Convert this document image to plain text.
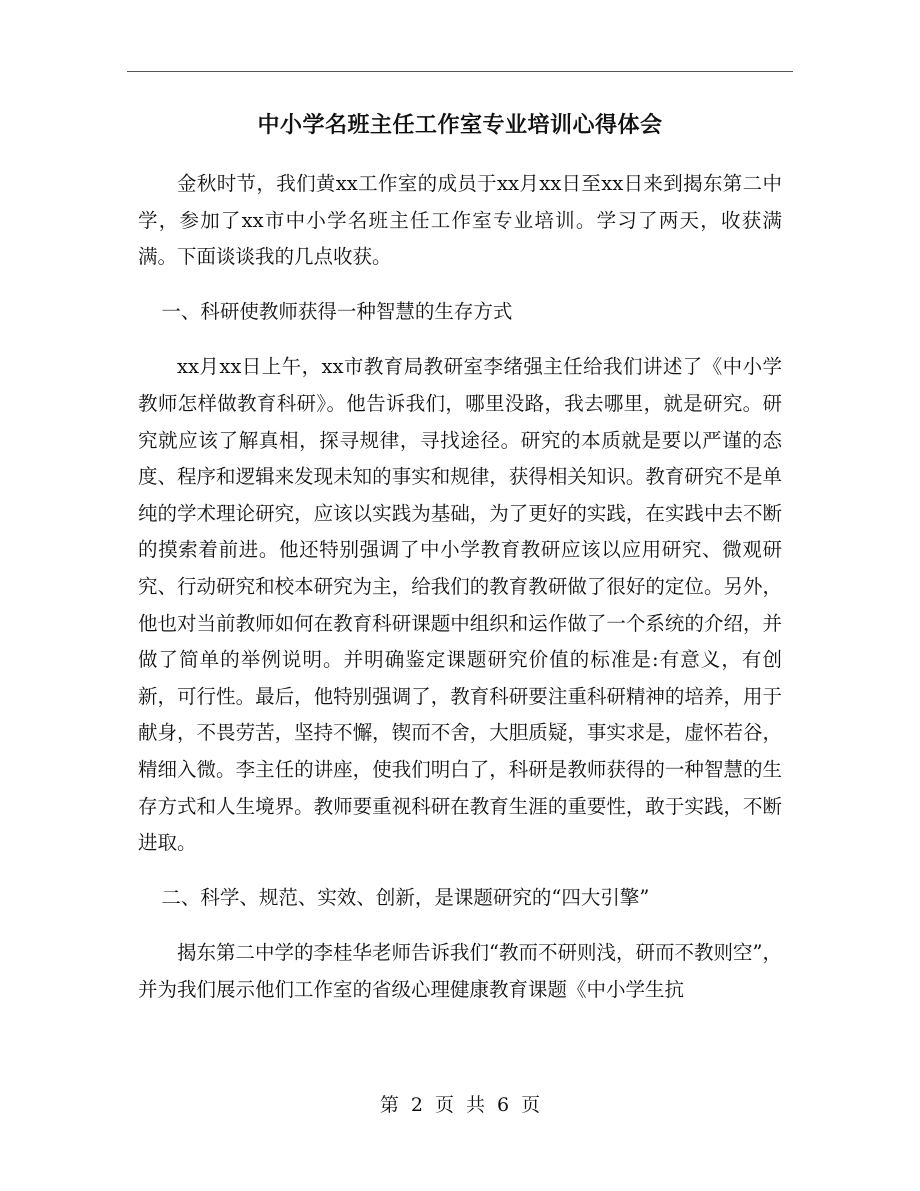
中小学名班主任工作室专业培训心得体会

金秋时节，我们黄xx工作室的成员于xx月xx日至xx日来到揭东第二中学，参加了xx市中小学名班主任工作室专业培训。学习了两天，收获满满。下面谈谈我的几点收获。

一、科研使教师获得一种智慧的生存方式

xx月xx日上午，xx市教育局教研室李绪强主任给我们讲述了《中小学教师怎样做教育科研》。他告诉我们，哪里没路，我去哪里，就是研究。研究就应该了解真相，探寻规律，寻找途径。研究的本质就是要以严谨的态度、程序和逻辑来发现未知的事实和规律，获得相关知识。教育研究不是单纯的学术理论研究，应该以实践为基础，为了更好的实践，在实践中去不断的摸索着前进。他还特别强调了中小学教育教研应该以应用研究、微观研究、行动研究和校本研究为主，给我们的教育教研做了很好的定位。另外，他也对当前教师如何在教育科研课题中组织和运作做了一个系统的介绍，并做了简单的举例说明。并明确鉴定课题研究价值的标准是:有意义，有创新，可行性。最后，他特别强调了，教育科研要注重科研精神的培养，用于献身，不畏劳苦，坚持不懈，锲而不舍，大胆质疑，事实求是，虚怀若谷，精细入微。李主任的讲座，使我们明白了，科研是教师获得的一种智慧的生存方式和人生境界。教师要重视科研在教育生涯的重要性，敢于实践，不断进取。

二、科学、规范、实效、创新，是课题研究的“四大引擎”

揭东第二中学的李桂华老师告诉我们“教而不研则浅，研而不教则空”，并为我们展示他们工作室的省级心理健康教育课题《中小学生抗

第 2 页 共 6 页
